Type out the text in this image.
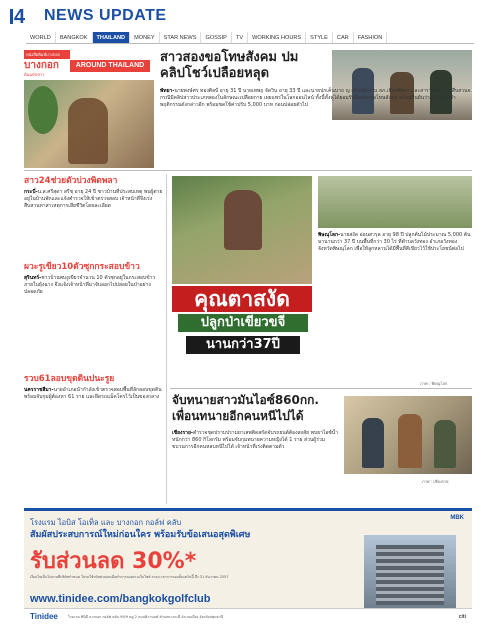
4 NEWS UPDATE
WORLD	BANGKOK	THAILAND	MONEY	STAR NEWS	GOSSIP	TV	WORKING HOURS	STYLE	CAR	FASHION
หนังสือพิมพ์บางกอก
บางกอก
ต้นฉบับข่าว
AROUND THAILAND
สาวสองขอโทษสังคม ปมคลิปโชว์เปลือยหลุด
พัทยา-นายพงษ์ศร ทองศิลป์ อายุ 31 ปี นายเทพฤ จัดวิน อายุ 33 ปี และนายปกเค็นนาถ ญ เจ้าพนักงาน สภ.เมืองพัทยา และสารวัตรตำรวจสืบสวนจ. กรณีมีคลิปสาวประเภทสองในลักษณะเปลือยกาย เผยแพร่ในโลกออนไลน์ ทั้งนี้ทั้งคู่ได้ยอมรับผิดและขอโทษสังคม พร้อมยืนยันว่าจะไม่กระทำพฤติกรรมดังกล่าวอีก พร้อมชดใช้ค่าปรับ 5,000 บาท ก่อนปล่อยตัวไป
สาว24ช่วยตัวบ่วงพิดพลา
กระบี่-น.ส.ศรีสุดา สรีชุ อายุ 24 ปี ชาวบ้านที่ประสบเหตุ พบผู้ตายอยู่ในบ้านพักและแจ้งตำรวจให้เข้าตรวจสอบ เจ้าหน้าที่จึงเร่งสืบสวนหาสาเหตุการเสียชีวิตโดยละเอียด
ผวะรูเขียว10ตัวซุกกระสอบข้าว
สุรินทร์-ชาวบ้านพบงูเขียวจำนวน 10 ตัวซุกอยู่ในกระสอบข้าวภายในยุ้งฉาง จึงแจ้งเจ้าหน้าที่มาจับออกไปปล่อยในป่าอย่างปลอดภัย
รวบ61ลอบขุดดินปนะรูย
นครราชสีมา-นายอำเภอนำกำลังเข้าตรวจสอบพื้นที่ลักลอบขุดดิน พร้อมจับกุมผู้ต้องหา 61 ราย และยึดรถแม็คโครไว้เป็นของกลาง
คุณตาสงัด
ปลูกป่าเขียวขจี
นานกว่า37ปี
พิษณุโลก-นายสงัด อ่อนสวรุล อายุ 98 ปี ปลูกต้นไม้ประมาณ 5,000 ต้น มานานกว่า 37 ปี บนพื้นที่กว่า 30 ไร่ ที่ตำบลวังทอง อำเภอวังทอง จังหวัดพิษณุโลก เพื่อให้ลูกหลานได้มีพื้นที่สีเขียวไว้ใช้ประโยชน์ต่อไป
ภาพ : พิษณุโลก
จับทนายสาวมันไอซ์860กก. เพื่อนทนายอีกคนหนีไปได้
เชียงราย-ตำรวจชุดปราบปรามยาเสพติดสกัดจับรถยนต์ต้องสงสัย พบยาไอซ์น้ำหนักกว่า 860 กิโลกรัม พร้อมจับกุมทนายความหญิงได้ 1 ราย ส่วนผู้ร่วมขบวนการอีกคนหลบหนีไปได้ เจ้าหน้าที่เร่งติดตามตัว
ภาพ : เชียงราย
MBK
โรงแรม ไอบิส โอเท็ล และ บางกอก กอล์ฟ คลับ
สัมผัสประสบการณ์ใหม่ก่อนใคร พร้อมรับข้อเสนอสุดพิเศษ
รับส่วนลด 30%*
เงื่อนไขเป็นไปตามที่บริษัทกำหนด โปรดใช้รหัสส่วนลดเมื่อทำการจองผ่านเว็บไซต์ ระยะเวลาการจองตั้งแต่วันนี้ ถึง 31 ธันวาคม 2557
www.tinidee.com/bangkokgolfclub
Tinidee	โรงแรม ทินิดี บางกอก กอล์ฟ คลับ 99/9 หมู่ 2 ถนนติวานนท์ ตำบลบางกะดี อำเภอเมือง จังหวัดปทุมธานี	citi
